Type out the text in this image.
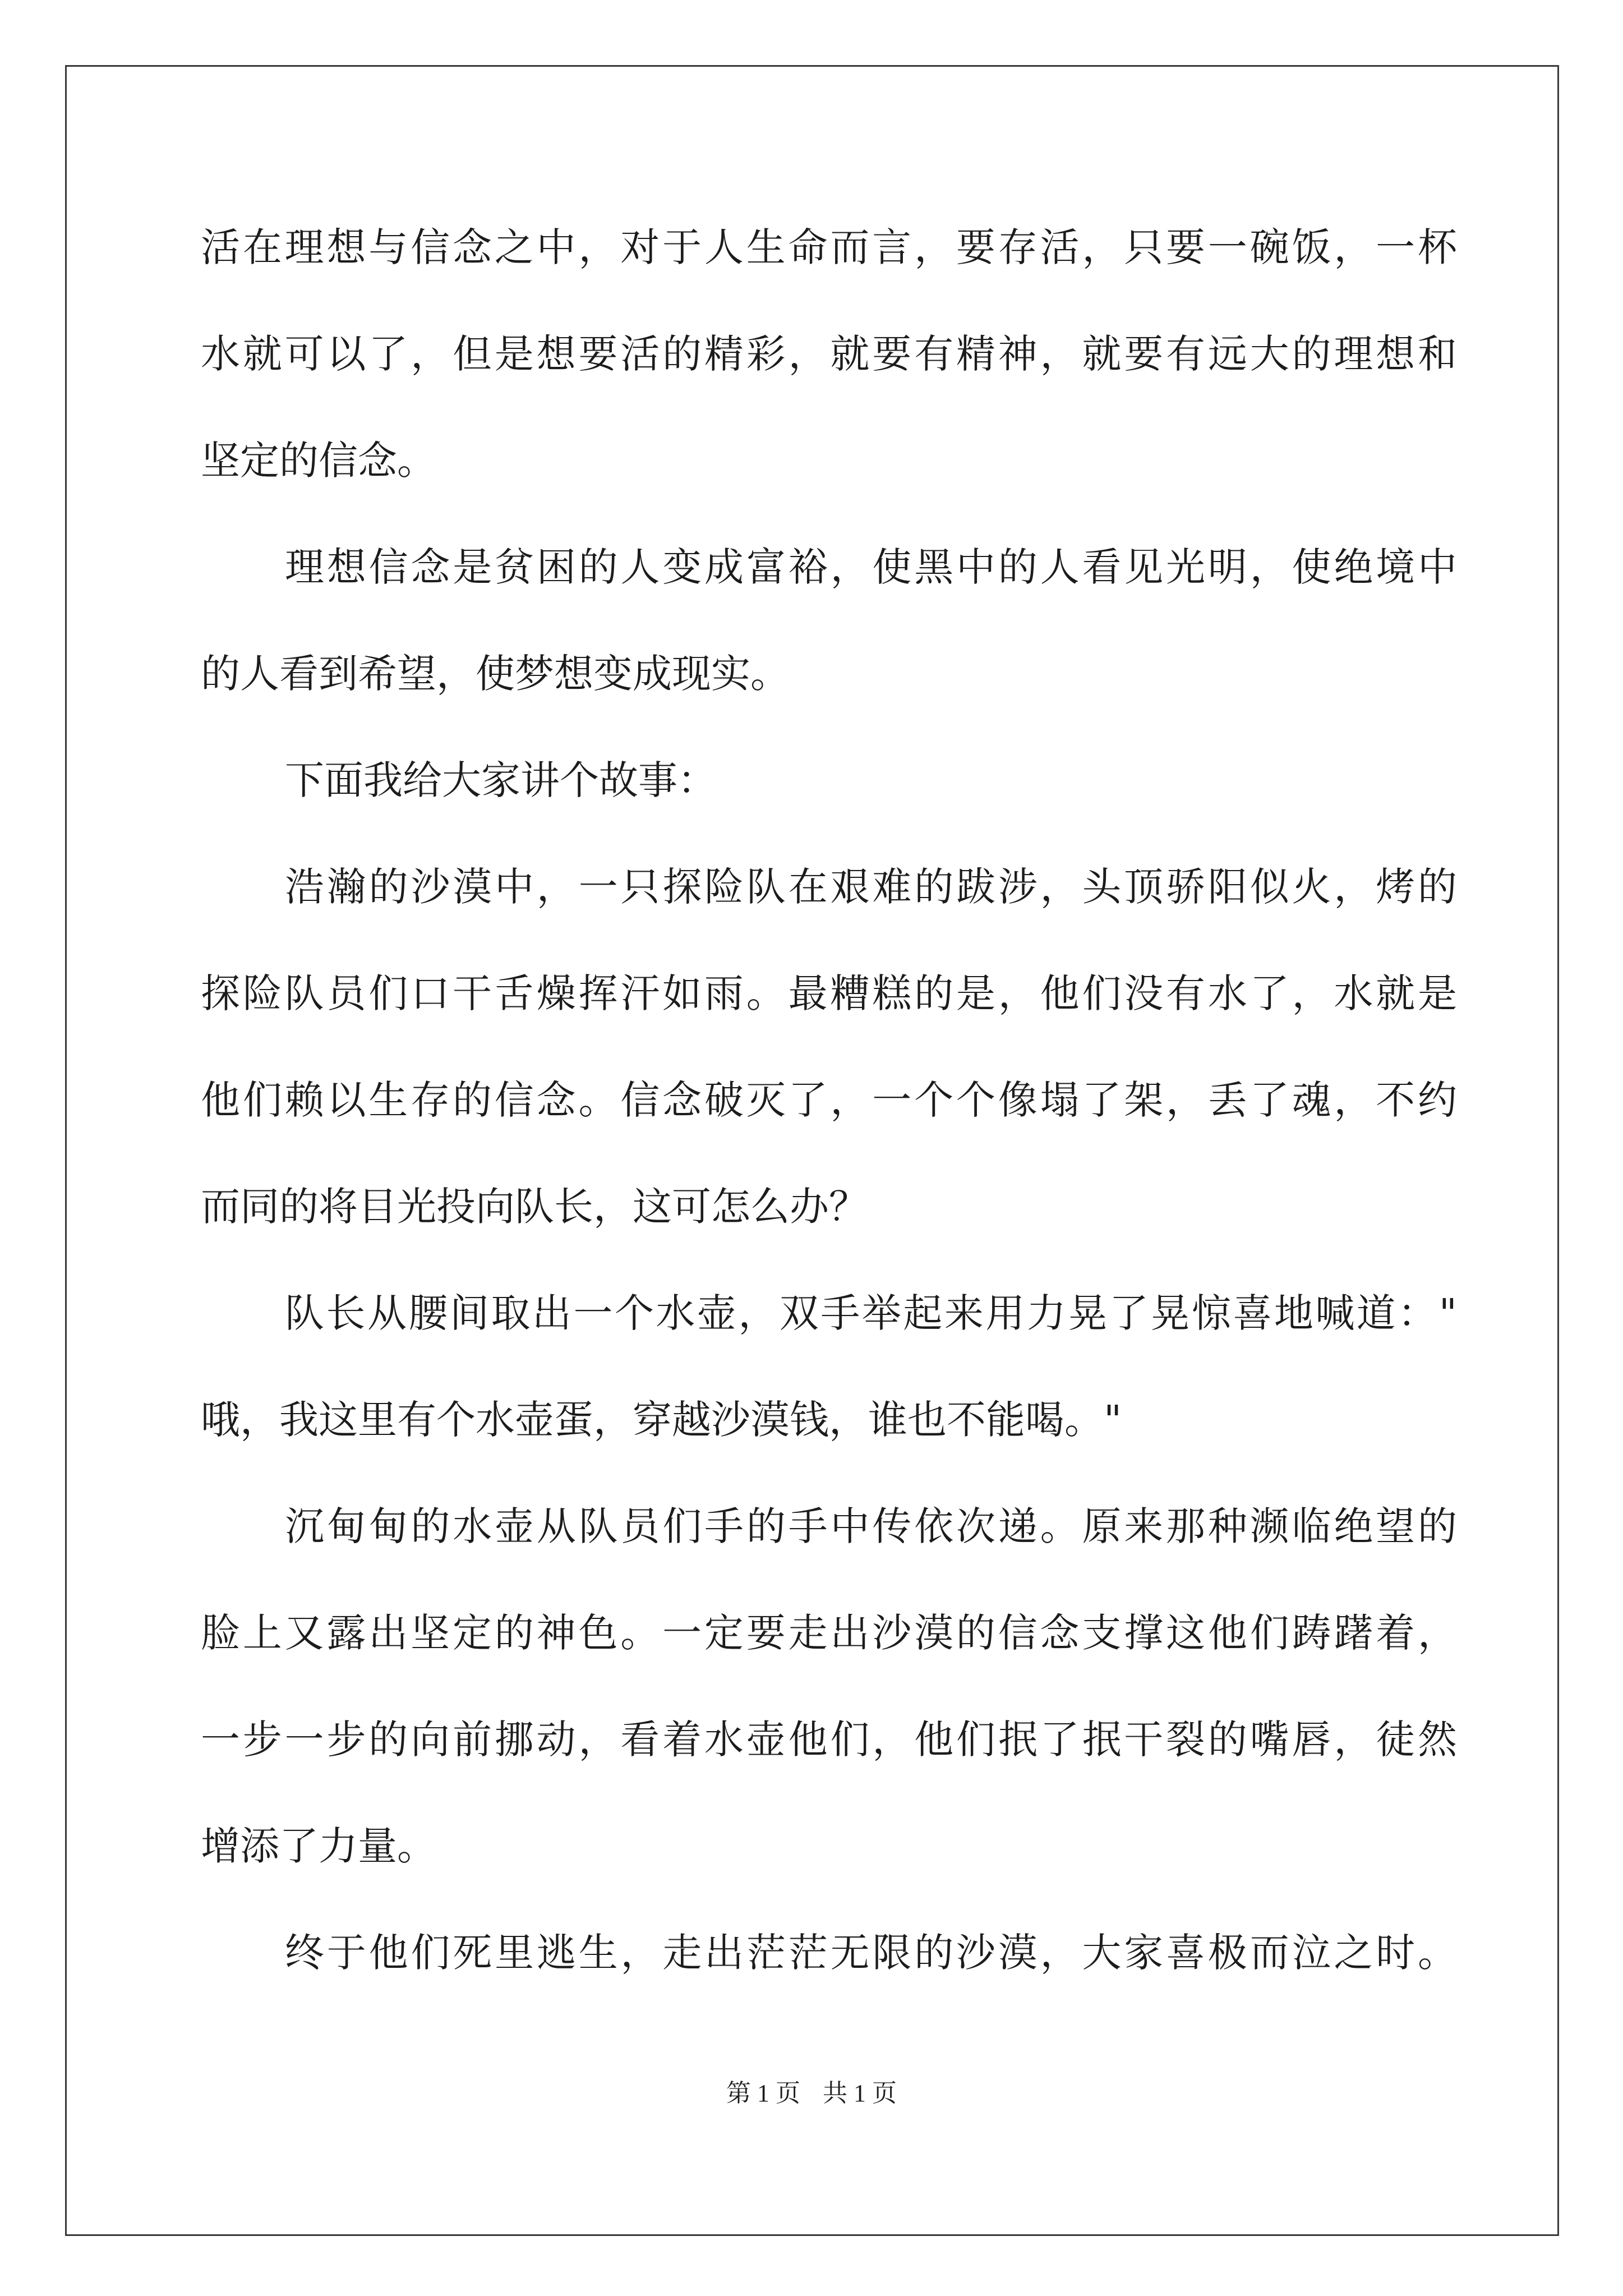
活在理想与信念之中，对于人生命而言，要存活，只要一碗饭，一杯

水就可以了，但是想要活的精彩，就要有精神，就要有远大的理想和

坚定的信念。

理想信念是贫困的人变成富裕，使黑中的人看见光明，使绝境中

的人看到希望，使梦想变成现实。

下面我给大家讲个故事：

浩瀚的沙漠中，一只探险队在艰难的跋涉，头顶骄阳似火，烤的

探险队员们口干舌燥挥汗如雨。最糟糕的是，他们没有水了，水就是

他们赖以生存的信念。信念破灭了，一个个像塌了架，丢了魂，不约

而同的将目光投向队长，这可怎么办？

队长从腰间取出一个水壶，双手举起来用力晃了晃惊喜地喊道："

哦，我这里有个水壶蛋，穿越沙漠钱，谁也不能喝。"

沉甸甸的水壶从队员们手的手中传依次递。原来那种濒临绝望的

脸上又露出坚定的神色。一定要走出沙漠的信念支撑这他们踌躇着，

一步一步的向前挪动，看着水壶他们，他们抿了抿干裂的嘴唇，徒然

增添了力量。

终于他们死里逃生，走出茫茫无限的沙漠，大家喜极而泣之时。

第 1 页 共 1 页
